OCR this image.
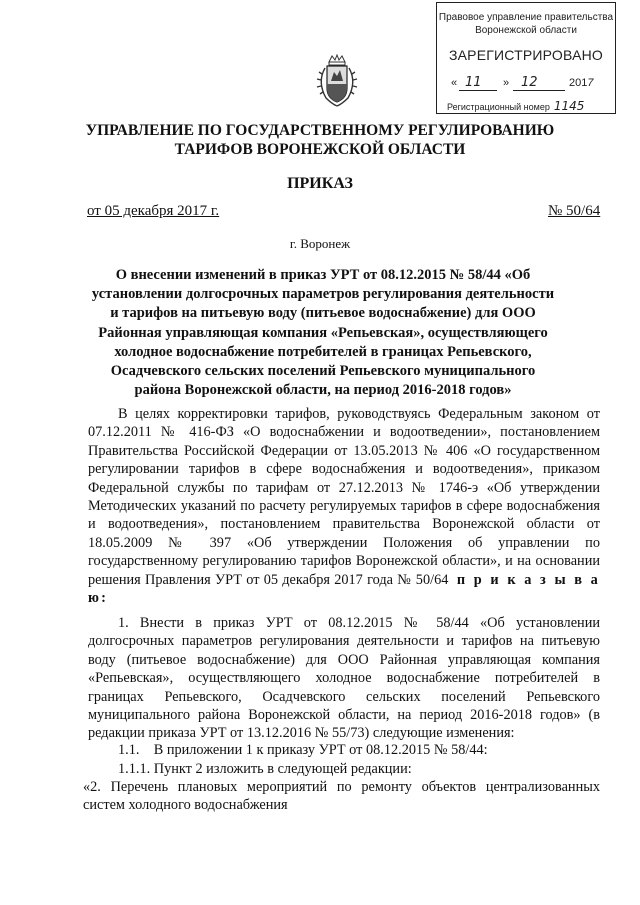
Правовое управление правительства
Воронежской области
ЗАРЕГИСТРИРОВАНО
« 11 » 12	2017
Регистрационный номер 1145
УПРАВЛЕНИЕ ПО ГОСУДАРСТВЕННОМУ РЕГУЛИРОВАНИЮ
ТАРИФОВ ВОРОНЕЖСКОЙ ОБЛАСТИ
ПРИКАЗ
от 05 декабря 2017 г.	№ 50/64
г. Воронеж
О внесении изменений в приказ УРТ от 08.12.2015 № 58/44 «Об установлении долгосрочных параметров регулирования деятельности и тарифов на питьевую воду (питьевое водоснабжение) для ООО Районная управляющая компания «Репьевская», осуществляющего холодное водоснабжение потребителей в границах Репьевского, Осадчевского сельских поселений Репьевского муниципального района Воронежской области, на период 2016-2018 годов»
В целях корректировки тарифов, руководствуясь Федеральным законом от 07.12.2011 № 416-ФЗ «О водоснабжении и водоотведении», постановлением Правительства Российской Федерации от 13.05.2013 № 406 «О государственном регулировании тарифов в сфере водоснабжения и водоотведения», приказом Федеральной службы по тарифам от 27.12.2013 № 1746-э «Об утверждении Методических указаний по расчету регулируемых тарифов в сфере водоснабжения и водоотведения», постановлением правительства Воронежской области от 18.05.2009 № 397 «Об утверждении Положения об управлении по государственному регулированию тарифов Воронежской области», и на основании решения Правления УРТ от 05 декабря 2017 года № 50/64 п р и к а з ы в а ю:
1. Внести в приказ УРТ от 08.12.2015 № 58/44 «Об установлении долгосрочных параметров регулирования деятельности и тарифов на питьевую воду (питьевое водоснабжение) для ООО Районная управляющая компания «Репьевская», осуществляющего холодное водоснабжение потребителей в границах Репьевского, Осадчевского сельских поселений Репьевского муниципального района Воронежской области, на период 2016-2018 годов» (в редакции приказа УРТ от 13.12.2016 № 55/73) следующие изменения:
1.1.    В приложении 1 к приказу УРТ от 08.12.2015 № 58/44:
1.1.1. Пункт 2 изложить в следующей редакции:
«2. Перечень плановых мероприятий по ремонту объектов централизованных систем холодного водоснабжения
